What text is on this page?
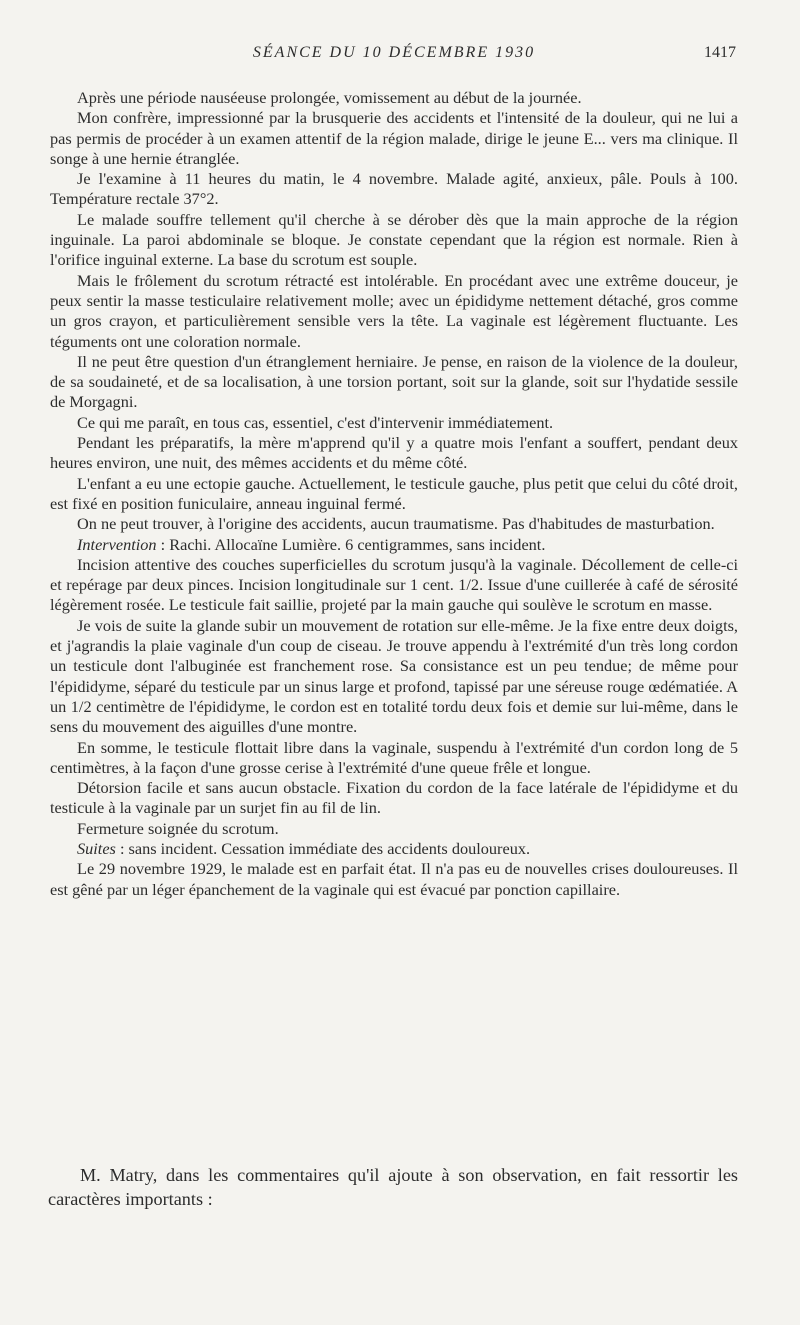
SÉANCE DU 10 DÉCEMBRE 1930	1417

Après une période nauséeuse prolongée, vomissement au début de la journée.

Mon confrère, impressionné par la brusquerie des accidents et l'intensité de la douleur, qui ne lui a pas permis de procéder à un examen attentif de la région malade, dirige le jeune E... vers ma clinique. Il songe à une hernie étranglée.

Je l'examine à 11 heures du matin, le 4 novembre. Malade agité, anxieux, pâle. Pouls à 100. Température rectale 37°2.

Le malade souffre tellement qu'il cherche à se dérober dès que la main approche de la région inguinale. La paroi abdominale se bloque. Je constate cependant que la région est normale. Rien à l'orifice inguinal externe. La base du scrotum est souple.

Mais le frôlement du scrotum rétracté est intolérable. En procédant avec une extrême douceur, je peux sentir la masse testiculaire relativement molle; avec un épididyme nettement détaché, gros comme un gros crayon, et particulièrement sensible vers la tête. La vaginale est légèrement fluctuante. Les téguments ont une coloration normale.

Il ne peut être question d'un étranglement herniaire. Je pense, en raison de la violence de la douleur, de sa soudaineté, et de sa localisation, à une torsion portant, soit sur la glande, soit sur l'hydatide sessile de Morgagni.

Ce qui me paraît, en tous cas, essentiel, c'est d'intervenir immédiatement.

Pendant les préparatifs, la mère m'apprend qu'il y a quatre mois l'enfant a souffert, pendant deux heures environ, une nuit, des mêmes accidents et du même côté.

L'enfant a eu une ectopie gauche. Actuellement, le testicule gauche, plus petit que celui du côté droit, est fixé en position funiculaire, anneau inguinal fermé.

On ne peut trouver, à l'origine des accidents, aucun traumatisme. Pas d'habitudes de masturbation.

Intervention : Rachi. Allocaïne Lumière. 6 centigrammes, sans incident.

Incision attentive des couches superficielles du scrotum jusqu'à la vaginale. Décollement de celle-ci et repérage par deux pinces. Incision longitudinale sur 1 cent. 1/2. Issue d'une cuillerée à café de sérosité légèrement rosée. Le testicule fait saillie, projeté par la main gauche qui soulève le scrotum en masse.

Je vois de suite la glande subir un mouvement de rotation sur elle-même. Je la fixe entre deux doigts, et j'agrandis la plaie vaginale d'un coup de ciseau. Je trouve appendu à l'extrémité d'un très long cordon un testicule dont l'albuginée est franchement rose. Sa consistance est un peu tendue; de même pour l'épididyme, séparé du testicule par un sinus large et profond, tapissé par une séreuse rouge œdématiée. A un 1/2 centimètre de l'épididyme, le cordon est en totalité tordu deux fois et demie sur lui-même, dans le sens du mouvement des aiguilles d'une montre.

En somme, le testicule flottait libre dans la vaginale, suspendu à l'extrémité d'un cordon long de 5 centimètres, à la façon d'une grosse cerise à l'extrémité d'une queue frêle et longue.

Détorsion facile et sans aucun obstacle. Fixation du cordon de la face latérale de l'épididyme et du testicule à la vaginale par un surjet fin au fil de lin.

Fermeture soignée du scrotum.

Suites : sans incident. Cessation immédiate des accidents douloureux.

Le 29 novembre 1929, le malade est en parfait état. Il n'a pas eu de nouvelles crises douloureuses. Il est gêné par un léger épanchement de la vaginale qui est évacué par ponction capillaire.

M. Matry, dans les commentaires qu'il ajoute à son observation, en fait ressortir les caractères importants :
